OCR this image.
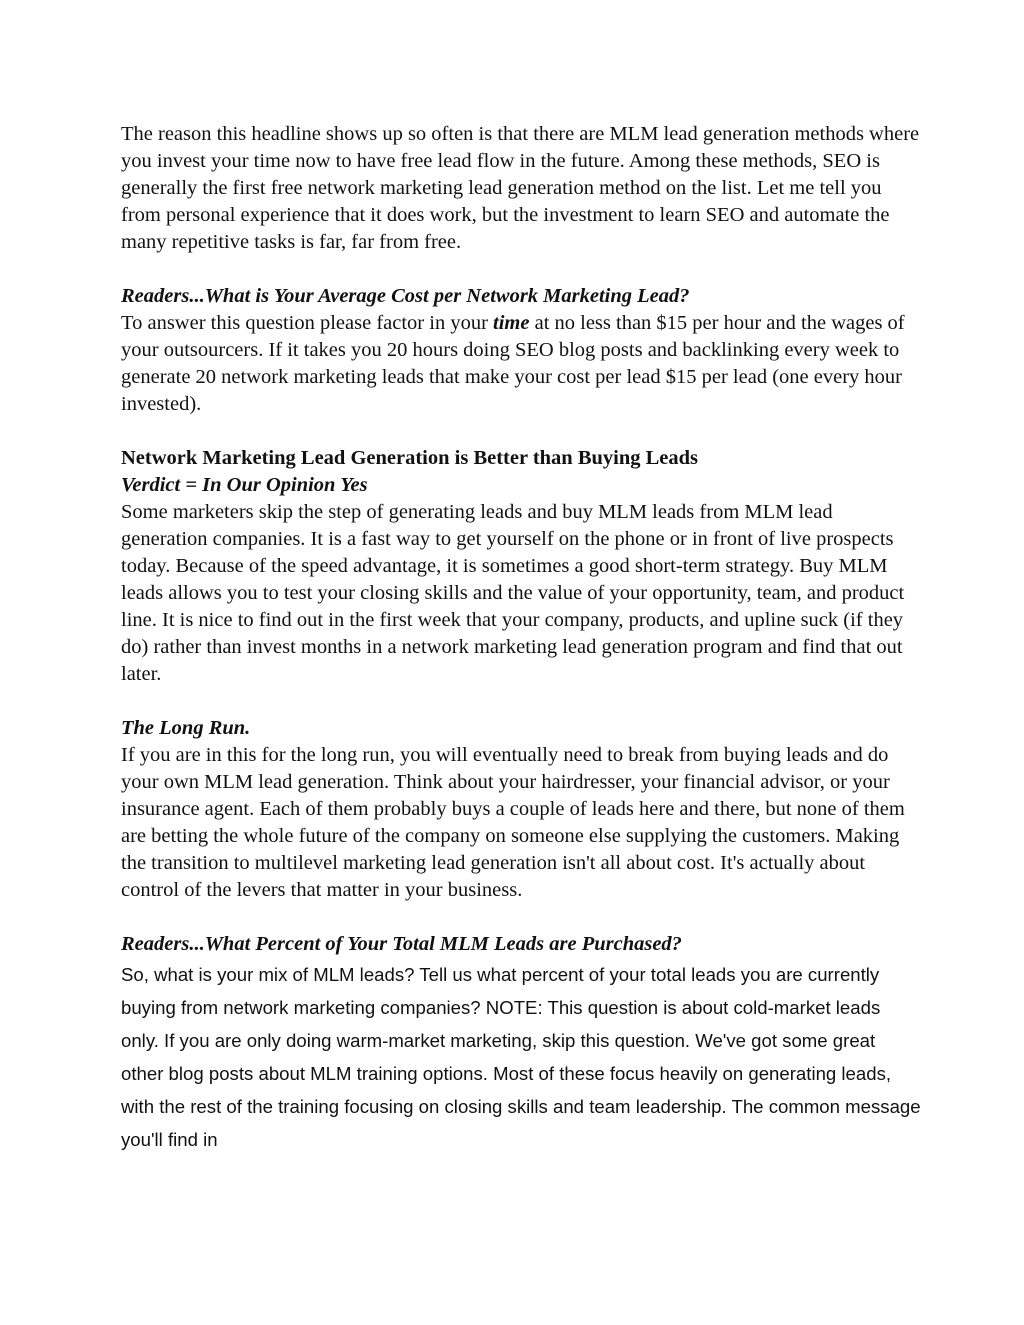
The reason this headline shows up so often is that there are MLM lead generation methods where you invest your time now to have free lead flow in the future. Among these methods, SEO is generally the first free network marketing lead generation method on the list. Let me tell you from personal experience that it does work, but the investment to learn SEO and automate the many repetitive tasks is far, far from free.

Readers...What is Your Average Cost per Network Marketing Lead?

To answer this question please factor in your time at no less than $15 per hour and the wages of your outsourcers. If it takes you 20 hours doing SEO blog posts and backlinking every week to generate 20 network marketing leads that make your cost per lead $15 per lead (one every hour invested).

Network Marketing Lead Generation is Better than Buying Leads

Verdict = In Our Opinion Yes

Some marketers skip the step of generating leads and buy MLM leads from MLM lead generation companies. It is a fast way to get yourself on the phone or in front of live prospects today. Because of the speed advantage, it is sometimes a good short-term strategy. Buy MLM leads allows you to test your closing skills and the value of your opportunity, team, and product line. It is nice to find out in the first week that your company, products, and upline suck (if they do) rather than invest months in a network marketing lead generation program and find that out later.

The Long Run.

If you are in this for the long run, you will eventually need to break from buying leads and do your own MLM lead generation. Think about your hairdresser, your financial advisor, or your insurance agent. Each of them probably buys a couple of leads here and there, but none of them are betting the whole future of the company on someone else supplying the customers. Making the transition to multilevel marketing lead generation isn't all about cost. It's actually about control of the levers that matter in your business.

Readers...What Percent of Your Total MLM Leads are Purchased?

So, what is your mix of MLM leads? Tell us what percent of your total leads you are currently buying from network marketing companies? NOTE: This question is about cold-market leads only. If you are only doing warm-market marketing, skip this question. We've got some great other blog posts about MLM training options. Most of these focus heavily on generating leads, with the rest of the training focusing on closing skills and team leadership. The common message you'll find in
